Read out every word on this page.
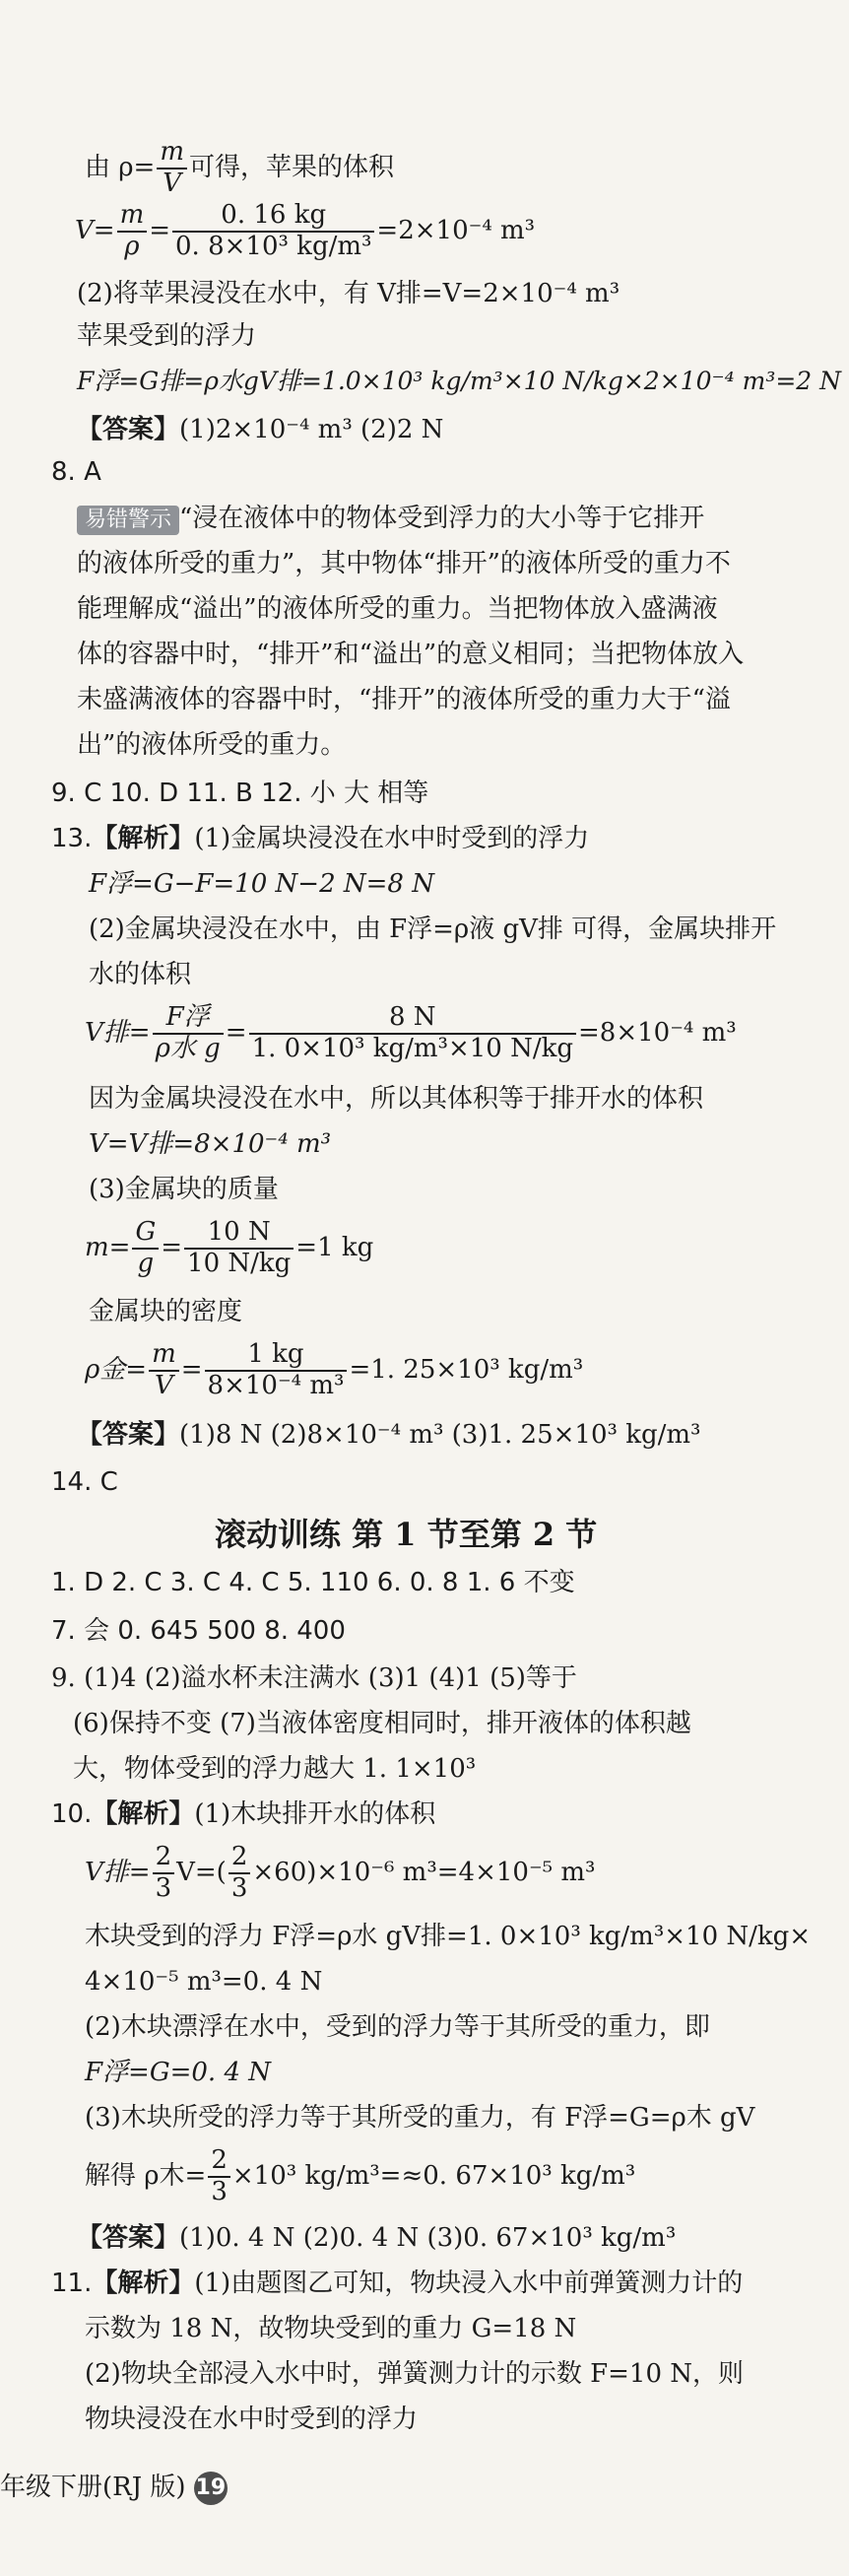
由 $\rho= \frac{m}{V}$ 可得，苹果的体积
$V= \frac{m}{\rho} = \frac{0. 16 kg}{\text{0. 8×10³ kg/m³}} =2\times 10^{-4}$ m³
(2)将苹果浸没在水中，有 V排=V=2×10⁻⁴ m³
苹果受到的浮力
F浮=G排=ρ水gV排=1.0×10³ kg/m³×10 N/kg×2×10⁻⁴ m³=2 N
【答案】(1)2×10⁻⁴ m³ (2)2 N
8. A
易错警示 “浸在液体中的物体受到浮力的大小等于它排开
的液体所受的重力”，其中物体“排开”的液体所受的重力不
能理解成“溢出”的液体所受的重力。当把物体放入盛满液
体的容器中时，“排开”和“溢出”的意义相同；当把物体放入
未盛满液体的容器中时，“排开”的液体所受的重力大于“溢
出”的液体所受的重力。
9. C 10. D 11. B 12. 小 大 相等
13.【解析】(1)金属块浸没在水中时受到的浮力
F浮=G−F=10 N−2 N=8 N
(2)金属块浸没在水中，由 F浮=ρ液 gV排 可得，金属块排开
水的体积
V排= $\frac{\text{F浮}}{\text{ρ水 g}} = \frac{8 N}{\text{1. 0×10³ kg/m³×10 N/kg}} =8\times 10^{-4}$ m³
因为金属块浸没在水中，所以其体积等于排开水的体积
V=V排=8×10⁻⁴ m³
(3)金属块的质量
$m= \frac{G}{g} = \frac{10 N}{10 N/kg} =1$ kg
金属块的密度
ρ金= $\frac{m}{V} = \frac{1 kg}{\text{8×10⁻⁴ m³}} =1$. 25×10³ kg/m³
【答案】(1)8 N (2)8×10⁻⁴ m³ (3)1. 25×10³ kg/m³
14. C
滚动训练 第 1 节至第 2 节
1. D 2. C 3. C 4. C 5. 110 6. 0. 8 1. 6 不变
7. 会 0. 645 500 8. 400
9. (1)4 (2)溢水杯未注满水 (3)1 (4)1 (5)等于
(6)保持不变 (7)当液体密度相同时，排开液体的体积越
大，物体受到的浮力越大 1. 1×10³
10.【解析】(1)木块排开水的体积
V排= $\frac{2}{3} V=( \frac{2}{3} \times 60)\times 10^{-6}$ m³=4×10⁻⁵ m³
木块受到的浮力 F浮=ρ水 gV排=1. 0×10³ kg/m³×10 N/kg×
4×10⁻⁵ m³=0. 4 N
(2)木块漂浮在水中，受到的浮力等于其所受的重力，即
F浮=G=0. 4 N
(3)木块所受的浮力等于其所受的重力，有 F浮=G=ρ木 gV
解得 ρ木= $\frac{2}{3} \times 10^3$ kg/m³=≈0. 67×10³ kg/m³
【答案】(1)0. 4 N (2)0. 4 N (3)0. 67×10³ kg/m³
11.【解析】(1)由题图乙可知，物块浸入水中前弹簧测力计的
示数为 18 N，故物块受到的重力 G=18 N
(2)物块全部浸入水中时，弹簧测力计的示数 F=10 N，则
物块浸没在水中时受到的浮力
年级下册(RJ 版) 19
